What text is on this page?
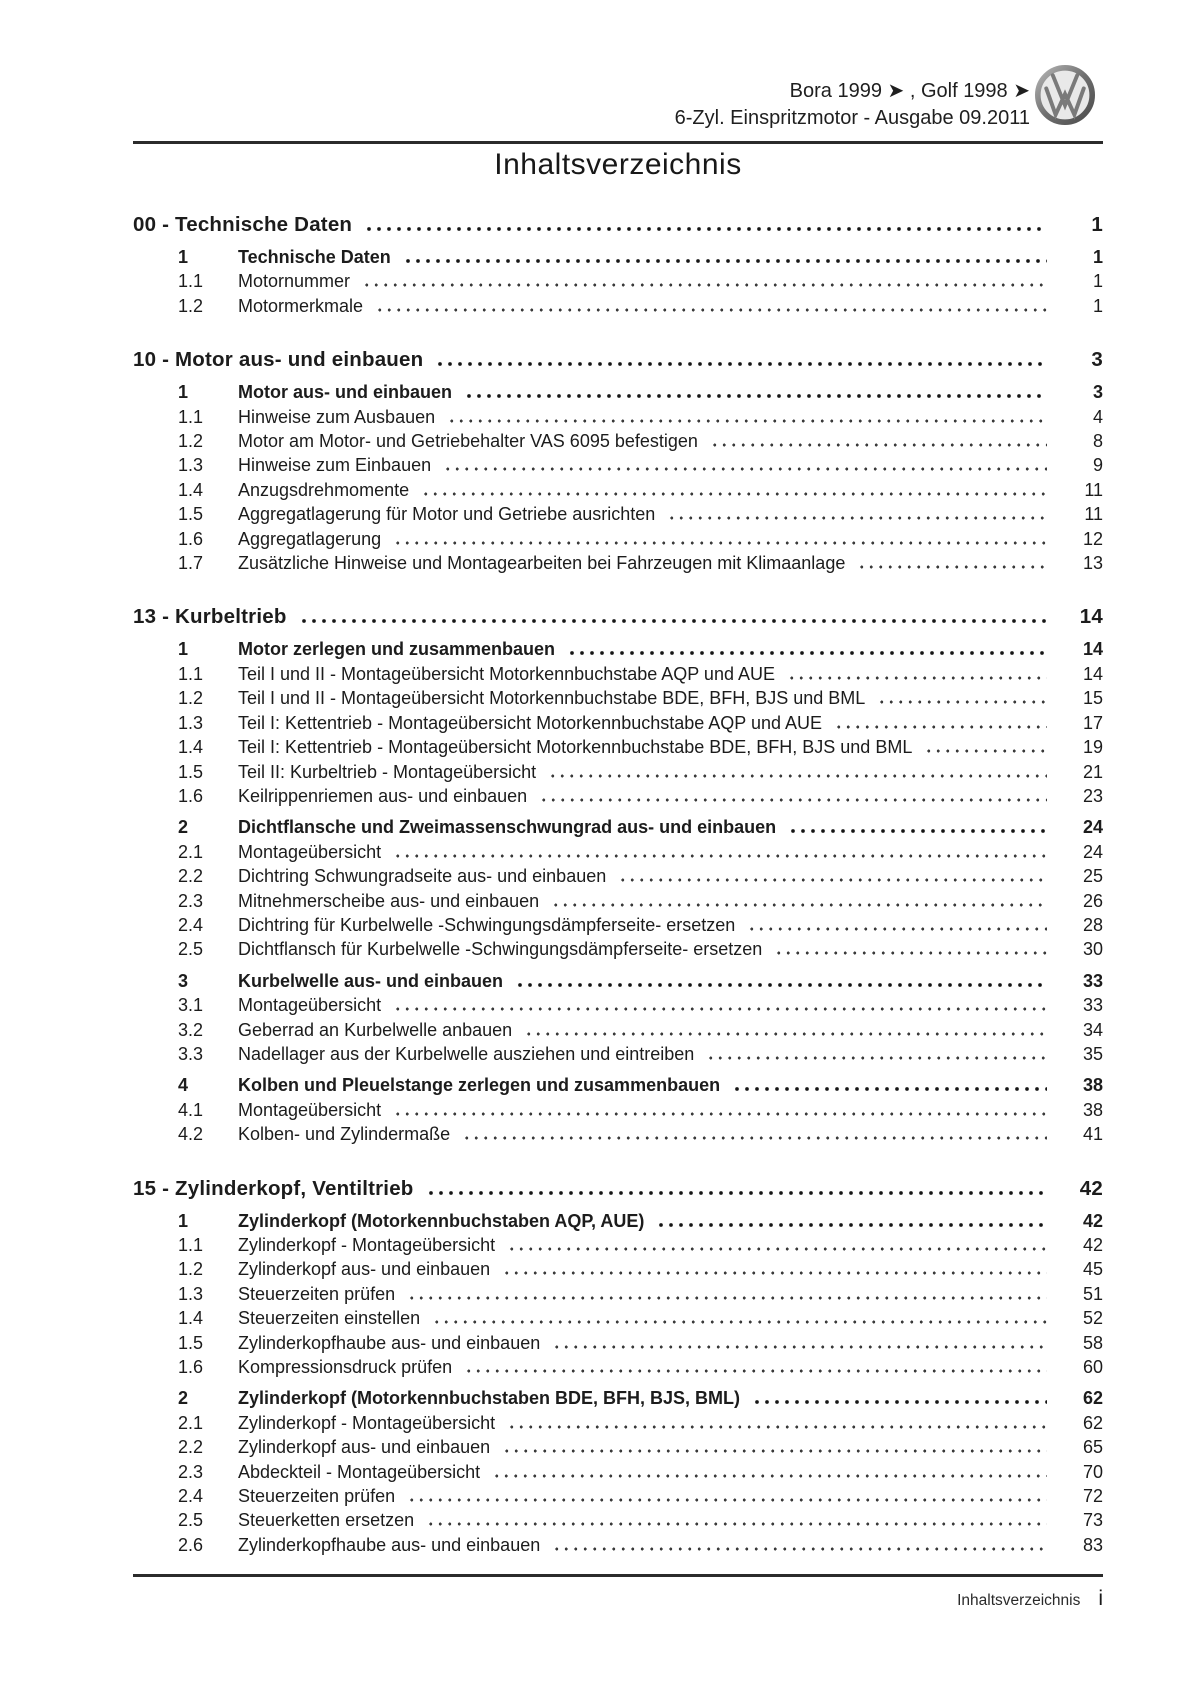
Bora 1999 ➤ , Golf 1998 ➤
6-Zyl. Einspritzmotor - Ausgabe 09.2011
Inhaltsverzeichnis
00 - Technische Daten	1
1	Technische Daten	1
1.1	Motornummer	1
1.2	Motormerkmale	1
10 - Motor aus- und einbauen	3
1	Motor aus- und einbauen	3
1.1	Hinweise zum Ausbauen	4
1.2	Motor am Motor- und Getriebehalter VAS 6095 befestigen	8
1.3	Hinweise zum Einbauen	9
1.4	Anzugsdrehmomente	11
1.5	Aggregatlagerung für Motor und Getriebe ausrichten	11
1.6	Aggregatlagerung	12
1.7	Zusätzliche Hinweise und Montagearbeiten bei Fahrzeugen mit Klimaanlage	13
13 - Kurbeltrieb	14
1	Motor zerlegen und zusammenbauen	14
1.1	Teil I und II - Montageübersicht Motorkennbuchstabe AQP und AUE	14
1.2	Teil I und II - Montageübersicht Motorkennbuchstabe BDE, BFH, BJS und BML	15
1.3	Teil I: Kettentrieb - Montageübersicht Motorkennbuchstabe AQP und AUE	17
1.4	Teil I: Kettentrieb - Montageübersicht Motorkennbuchstabe BDE, BFH, BJS und BML	19
1.5	Teil II: Kurbeltrieb - Montageübersicht	21
1.6	Keilrippenriemen aus- und einbauen	23
2	Dichtflansche und Zweimassenschwungrad aus- und einbauen	24
2.1	Montageübersicht	24
2.2	Dichtring Schwungradseite aus- und einbauen	25
2.3	Mitnehmerscheibe aus- und einbauen	26
2.4	Dichtring für Kurbelwelle -Schwingungsdämpferseite- ersetzen	28
2.5	Dichtflansch für Kurbelwelle -Schwingungsdämpferseite- ersetzen	30
3	Kurbelwelle aus- und einbauen	33
3.1	Montageübersicht	33
3.2	Geberrad an Kurbelwelle anbauen	34
3.3	Nadellager aus der Kurbelwelle ausziehen und eintreiben	35
4	Kolben und Pleuelstange zerlegen und zusammenbauen	38
4.1	Montageübersicht	38
4.2	Kolben- und Zylindermaße	41
15 - Zylinderkopf, Ventiltrieb	42
1	Zylinderkopf (Motorkennbuchstaben AQP, AUE)	42
1.1	Zylinderkopf - Montageübersicht	42
1.2	Zylinderkopf aus- und einbauen	45
1.3	Steuerzeiten prüfen	51
1.4	Steuerzeiten einstellen	52
1.5	Zylinderkopfhaube aus- und einbauen	58
1.6	Kompressionsdruck prüfen	60
2	Zylinderkopf (Motorkennbuchstaben BDE, BFH, BJS, BML)	62
2.1	Zylinderkopf - Montageübersicht	62
2.2	Zylinderkopf aus- und einbauen	65
2.3	Abdeckteil - Montageübersicht	70
2.4	Steuerzeiten prüfen	72
2.5	Steuerketten ersetzen	73
2.6	Zylinderkopfhaube aus- und einbauen	83
Inhaltsverzeichnis i
